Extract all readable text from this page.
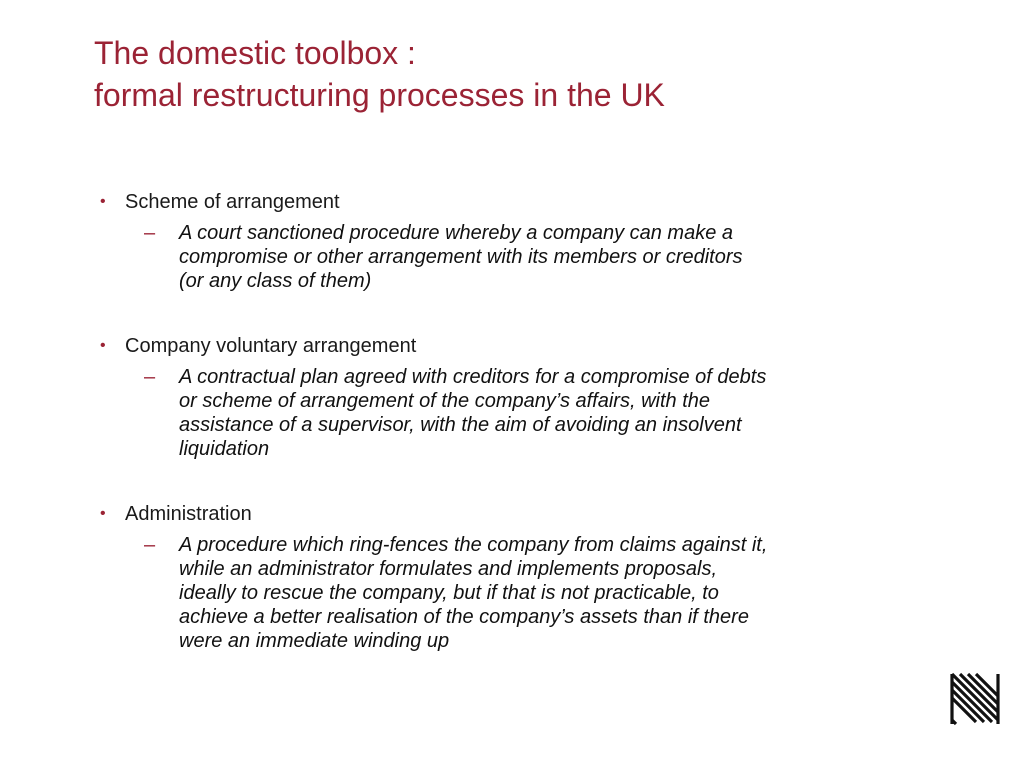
The domestic toolbox :
formal restructuring processes in the UK
• Scheme of arrangement
– A court sanctioned procedure whereby a company can make a
compromise or other arrangement with its members or creditors
(or any class of them)
• Company voluntary arrangement
– A contractual plan agreed with creditors for a compromise of debts
or scheme of arrangement of the company’s affairs, with the
assistance of a supervisor, with the aim of avoiding an insolvent
liquidation
• Administration
– A procedure which ring-fences the company from claims against it,
while an administrator formulates and implements proposals,
ideally to rescue the company, but if that is not practicable, to
achieve a better realisation of the company’s assets than if there
were an immediate winding up
